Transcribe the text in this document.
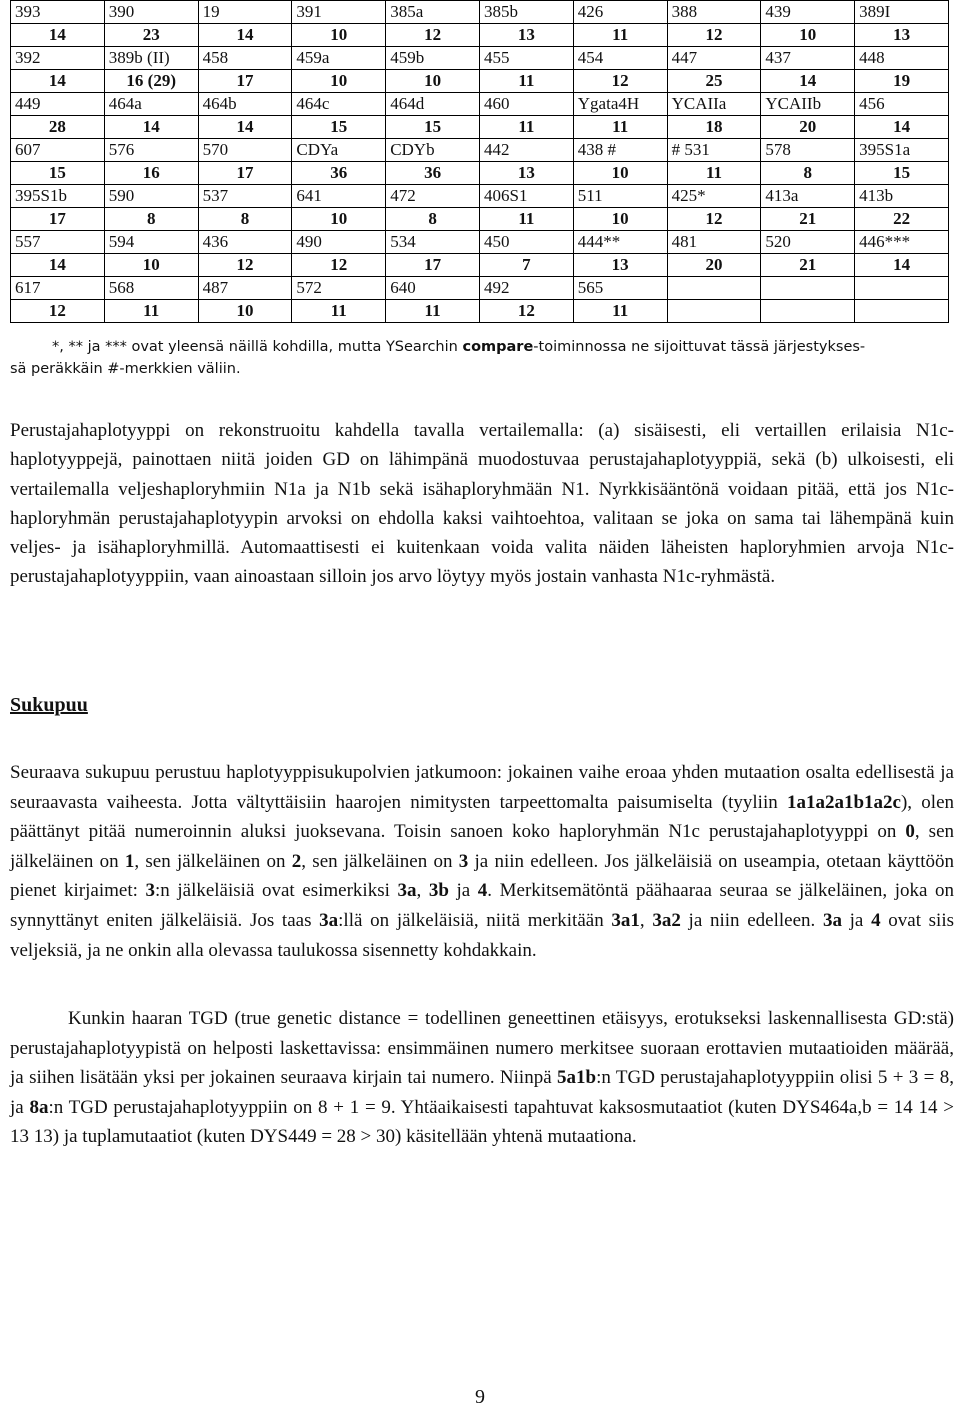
393	390	19	391	385a	385b	426	388	439	389I
14	23	14	10	12	13	11	12	10	13
392	389b (II)	458	459a	459b	455	454	447	437	448
14	16 (29)	17	10	10	11	12	25	14	19
449	464a	464b	464c	464d	460	Ygata4H	YCAIIa	YCAIIb	456
28	14	14	15	15	11	11	18	20	14
607	576	570	CDYa	CDYb	442	438 #	# 531	578	395S1a
15	16	17	36	36	13	10	11	8	15
395S1b	590	537	641	472	406S1	511	425*	413a	413b
17	8	8	10	8	11	10	12	21	22
557	594	436	490	534	450	444**	481	520	446***
14	10	12	12	17	7	13	20	21	14
617	568	487	572	640	492	565			
12	11	10	11	11	12	11			
*, ** ja *** ovat yleensä näillä kohdilla, mutta YSearchin compare-toiminnossa ne sijoittuvat tässä järjestykses-
sä peräkkäin #-merkkien väliin.

Perustajahaplotyyppi on rekonstruoitu kahdella tavalla vertailemalla: (a) sisäisesti, eli vertaillen erilaisia N1c-haplotyyppejä, painottaen niitä joiden GD on lähimpänä muodostuvaa perustajahaplotyyppiä, sekä (b) ulkoisesti, eli vertailemalla veljeshaploryhmiin N1a ja N1b sekä isähaploryhmään N1. Nyrkkisääntönä voidaan pitää, että jos N1c-haploryhmän perustajahaplotyypin arvoksi on ehdolla kaksi vaihtoehtoa, valitaan se joka on sama tai lähempänä kuin veljes- ja isähaploryhmillä. Automaattisesti ei kuitenkaan voida valita näiden läheisten haploryhmien arvoja N1c-perustajahaplotyyppiin, vaan ainoastaan silloin jos arvo löytyy myös jostain vanhasta N1c-ryhmästä.

Sukupuu

Seuraava sukupuu perustuu haplotyyppisukupolvien jatkumoon: jokainen vaihe eroaa yhden mutaation osalta edellisestä ja seuraavasta vaiheesta. Jotta vältyttäisiin haarojen nimitysten tarpeettomalta paisumiselta (tyyliin 1a1a2a1b1a2c), olen päättänyt pitää numeroinnin aluksi juoksevana. Toisin sanoen koko haploryhmän N1c perustajahaplotyyppi on 0, sen jälkeläinen on 1, sen jälkeläinen on 2, sen jälkeläinen on 3 ja niin edelleen. Jos jälkeläisiä on useampia, otetaan käyttöön pienet kirjaimet: 3:n jälkeläisiä ovat esimerkiksi 3a, 3b ja 4. Merkitsemätöntä päähaaraa seuraa se jälkeläinen, joka on synnyttänyt eniten jälkeläisiä. Jos taas 3a:llä on jälkeläisiä, niitä merkitään 3a1, 3a2 ja niin edelleen. 3a ja 4 ovat siis veljeksiä, ja ne onkin alla olevassa taulukossa sisennetty kohdakkain.

Kunkin haaran TGD (true genetic distance = todellinen geneettinen etäisyys, erotukseksi laskennallisesta GD:stä) perustajahaplotyypistä on helposti laskettavissa: ensimmäinen numero merkitsee suoraan erottavien mutaatioiden määrää, ja siihen lisätään yksi per jokainen seuraava kirjain tai numero. Niinpä 5a1b:n TGD perustajahaplotyyppiin olisi 5 + 3 = 8, ja 8a:n TGD perustajahaplotyyppiin on 8 + 1 = 9. Yhtäaikaisesti tapahtuvat kaksosmutaatiot (kuten DYS464a,b = 14 14 > 13 13) ja tuplamutaatiot (kuten DYS449 = 28 > 30) käsitellään yhtenä mutaationa.

9
